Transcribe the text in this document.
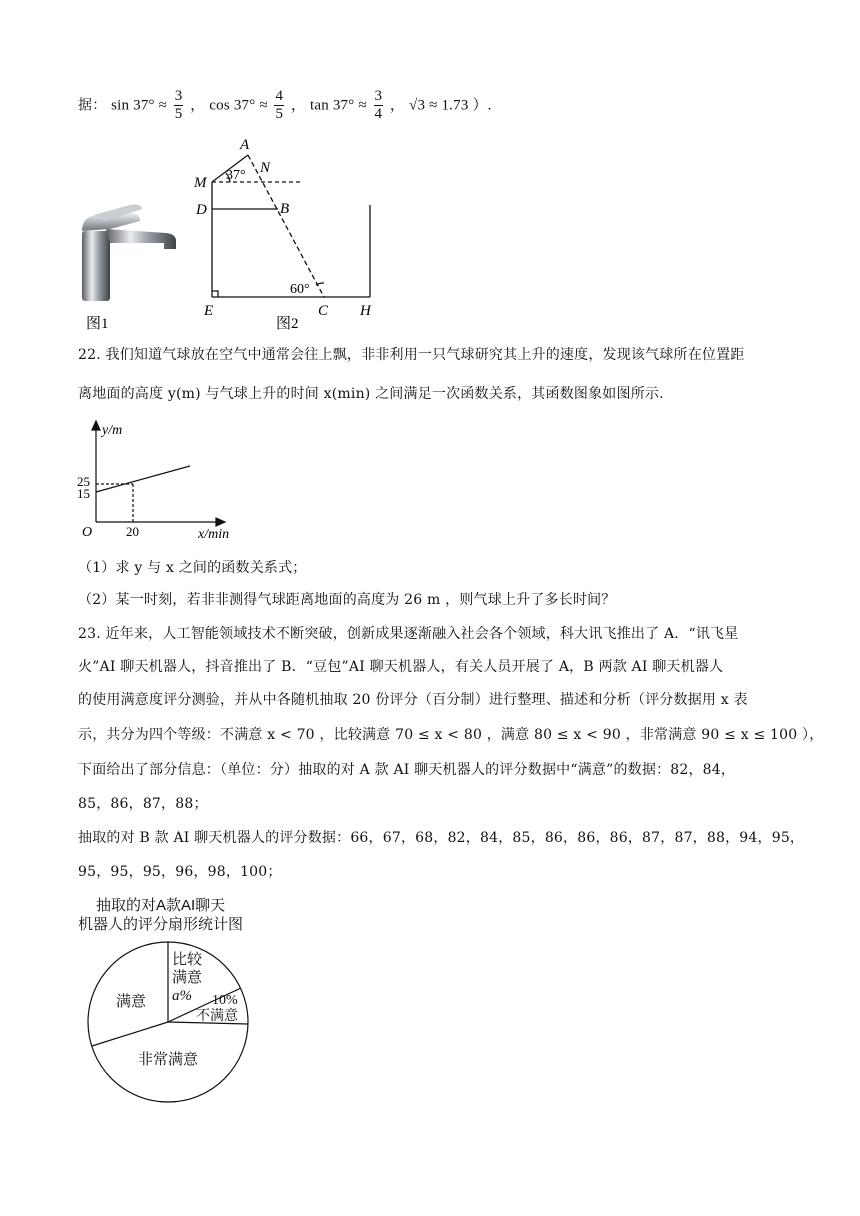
据： $\sin 37^\circ \approx \frac{3}{5}$ ， $\cos 37^\circ \approx \frac{4}{5}$ ， $\tan 37^\circ \approx \frac{3}{4}$ ， √3 ≈ 1.73 ）.
图1
A
M
N
37°
D	B
60°
E	C H
图2
22. 我们知道气球放在空气中通常会往上飘，非非利用一只气球研究其上升的速度，发现该气球所在位置距
离地面的高度 y(m) 与气球上升的时间 x(min) 之间满足一次函数关系，其函数图象如图所示.
y/m
25
15
O	20	x/min
（1）求 y 与 x 之间的函数关系式；
（2）某一时刻，若非非测得气球距离地面的高度为 26 m ，则气球上升了多长时间？
23. 近年来，人工智能领域技术不断突破，创新成果逐渐融入社会各个领域，科大讯飞推出了 A．“讯飞星
火”AI 聊天机器人，抖音推出了 B．“豆包”AI 聊天机器人，有关人员开展了 A，B 两款 AI 聊天机器人
的使用满意度评分测验，并从中各随机抽取 20 份评分（百分制）进行整理、描述和分析（评分数据用 x 表
示，共分为四个等级：不满意 x < 70 ，比较满意 70 ≤ x < 80 ，满意 80 ≤ x < 90 ，非常满意 90 ≤ x ≤ 100 ），
下面给出了部分信息：（单位：分）抽取的对 A 款 AI 聊天机器人的评分数据中“满意”的数据：82，84，
85，86，87，88；
抽取的对 B 款 AI 聊天机器人的评分数据：66，67，68，82，84，85，86，86，86，87，87，88，94，95，
95，95，95，96，98，100；
抽取的对A款AI聊天
机器人的评分扇形统计图
满意
比较
满意
a% 10%
不满意
非常满意
